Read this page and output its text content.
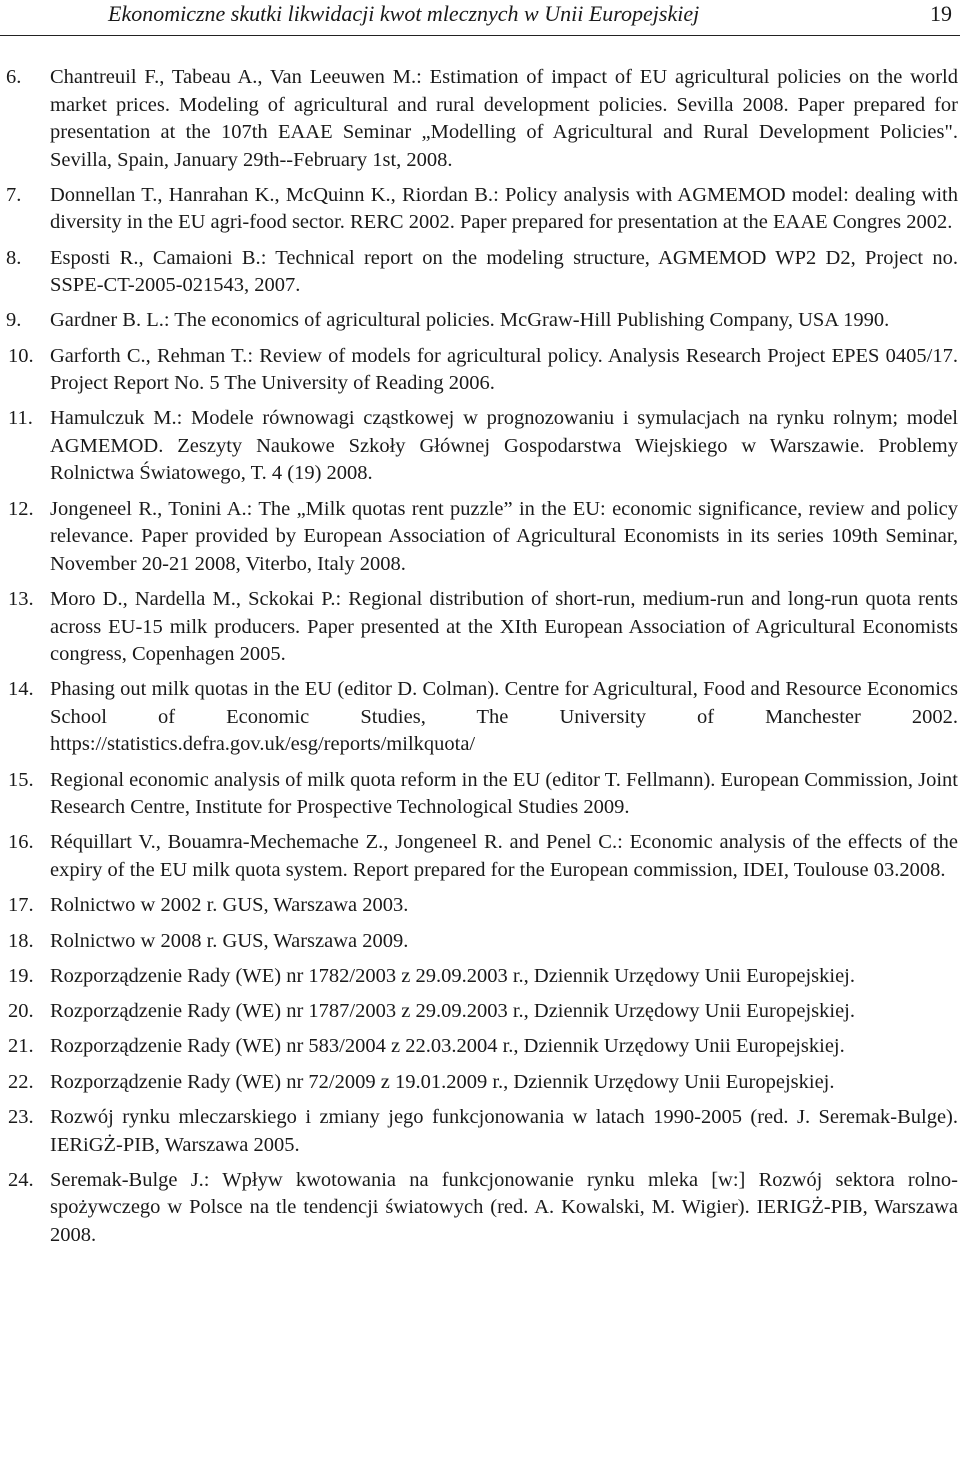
Ekonomiczne skutki likwidacji kwot mlecznych w Unii Europejskiej	19
6.	Chantreuil F., Tabeau A., Van Leeuwen M.: Estimation of impact of EU agricultural policies on the world market prices. Modeling of agricultural and rural development policies. Sevilla 2008. Paper prepared for presentation at the 107th EAAE Seminar „Modelling of Agricultural and Rural Development Policies". Sevilla, Spain, January 29th--February 1st, 2008.
7.	Donnellan T., Hanrahan K., McQuinn K., Riordan B.: Policy analysis with AGMEMOD model: dealing with diversity in the EU agri-food sector. RERC 2002. Paper prepared for presentation at the EAAE Congres 2002.
8.	Esposti R., Camaioni B.: Technical report on the modeling structure, AGMEMOD WP2 D2, Project no. SSPE-CT-2005-021543, 2007.
9.	Gardner B. L.: The economics of agricultural policies. McGraw-Hill Publishing Company, USA 1990.
10. Garforth C., Rehman T.: Review of models for agricultural policy. Analysis Research Project EPES 0405/17. Project Report No. 5 The University of Reading 2006.
11. Hamulczuk M.: Modele równowagi cząstkowej w prognozowaniu i symulacjach na rynku rolnym; model AGMEMOD. Zeszyty Naukowe Szkoły Głównej Gospodarstwa Wiejskiego w Warszawie. Problemy Rolnictwa Światowego, T. 4 (19) 2008.
12. Jongeneel R., Tonini A.: The „Milk quotas rent puzzle” in the EU: economic significance, review and policy relevance. Paper provided by European Association of Agricultural Economists in its series 109th Seminar, November 20-21 2008, Viterbo, Italy 2008.
13. Moro D., Nardella M., Sckokai P.: Regional distribution of short-run, medium-run and long-run quota rents across EU-15 milk producers. Paper presented at the XIth European Association of Agricultural Economists congress, Copenhagen 2005.
14. Phasing out milk quotas in the EU (editor D. Colman). Centre for Agricultural, Food and Resource Economics School of Economic Studies, The University of Manchester 2002. https://statistics.defra.gov.uk/esg/reports/milkquota/
15. Regional economic analysis of milk quota reform in the EU (editor T. Fellmann). European Commission, Joint Research Centre, Institute for Prospective Technological Studies 2009.
16. Réquillart V., Bouamra-Mechemache Z., Jongeneel R. and Penel C.: Economic analysis of the effects of the expiry of the EU milk quota system. Report prepared for the European commission, IDEI, Toulouse 03.2008.
17. Rolnictwo w 2002 r. GUS, Warszawa 2003.
18. Rolnictwo w 2008 r. GUS, Warszawa 2009.
19. Rozporządzenie Rady (WE) nr 1782/2003 z 29.09.2003 r., Dziennik Urzędowy Unii Europejskiej.
20. Rozporządzenie Rady (WE) nr 1787/2003 z 29.09.2003 r., Dziennik Urzędowy Unii Europejskiej.
21. Rozporządzenie Rady (WE) nr 583/2004 z 22.03.2004 r., Dziennik Urzędowy Unii Europejskiej.
22. Rozporządzenie Rady (WE) nr 72/2009 z 19.01.2009 r., Dziennik Urzędowy Unii Europejskiej.
23. Rozwój rynku mleczarskiego i zmiany jego funkcjonowania w latach 1990-2005 (red. J. Seremak-Bulge). IERiGŻ-PIB, Warszawa 2005.
24. Seremak-Bulge J.: Wpływ kwotowania na funkcjonowanie rynku mleka [w:] Rozwój sektora rolno-spożywczego w Polsce na tle tendencji światowych (red. A. Kowalski, M. Wigier). IERIGŻ-PIB, Warszawa 2008.
